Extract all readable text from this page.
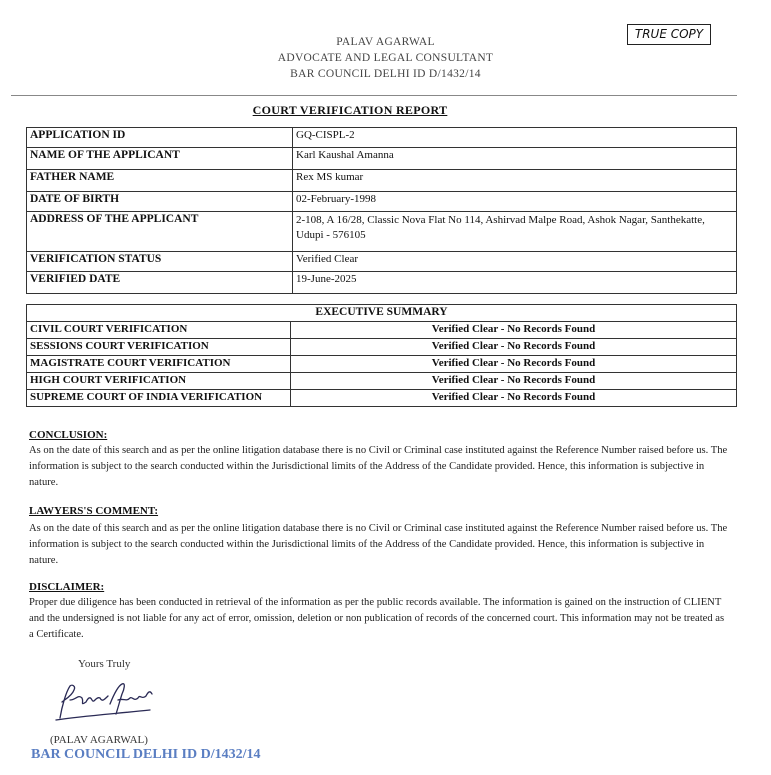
TRUE COPY
PALAV AGARWAL
ADVOCATE AND LEGAL CONSULTANT
BAR COUNCIL DELHI ID D/1432/14
COURT VERIFICATION REPORT
APPLICATION ID	GQ-CISPL-2
NAME OF THE APPLICANT	Karl Kaushal Amanna
FATHER NAME	Rex MS kumar
DATE OF BIRTH	02-February-1998
ADDRESS OF THE APPLICANT	2-108, A 16/28, Classic Nova Flat No 114, Ashirvad Malpe Road, Ashok Nagar, Santhekatte, Udupi - 576105
VERIFICATION STATUS	Verified Clear
VERIFIED DATE	19-June-2025
EXECUTIVE SUMMARY	
CIVIL COURT VERIFICATION	Verified Clear - No Records Found
SESSIONS COURT VERIFICATION	Verified Clear - No Records Found
MAGISTRATE COURT VERIFICATION	Verified Clear - No Records Found
HIGH COURT VERIFICATION	Verified Clear - No Records Found
SUPREME COURT OF INDIA VERIFICATION	Verified Clear - No Records Found
CONCLUSION:
As on the date of this search and as per the online litigation database there is no Civil or Criminal case instituted against the Reference Number raised before us. The information is subject to the search conducted within the Jurisdictional limits of the Address of the Candidate provided. Hence, this information is subjective in nature.
LAWYERS'S COMMENT:
As on the date of this search and as per the online litigation database there is no Civil or Criminal case instituted against the Reference Number raised before us. The information is subject to the search conducted within the Jurisdictional limits of the Address of the Candidate provided. Hence, this information is subjective in nature.
DISCLAIMER:
Proper due diligence has been conducted in retrieval of the information as per the public records available. The information is gained on the instruction of CLIENT and the undersigned is not liable for any act of error, omission, deletion or non publication of records of the concerned court. This information may not be treated as a Certificate.
Yours Truly
(PALAV AGARWAL)
BAR COUNCIL DELHI ID D/1432/14
